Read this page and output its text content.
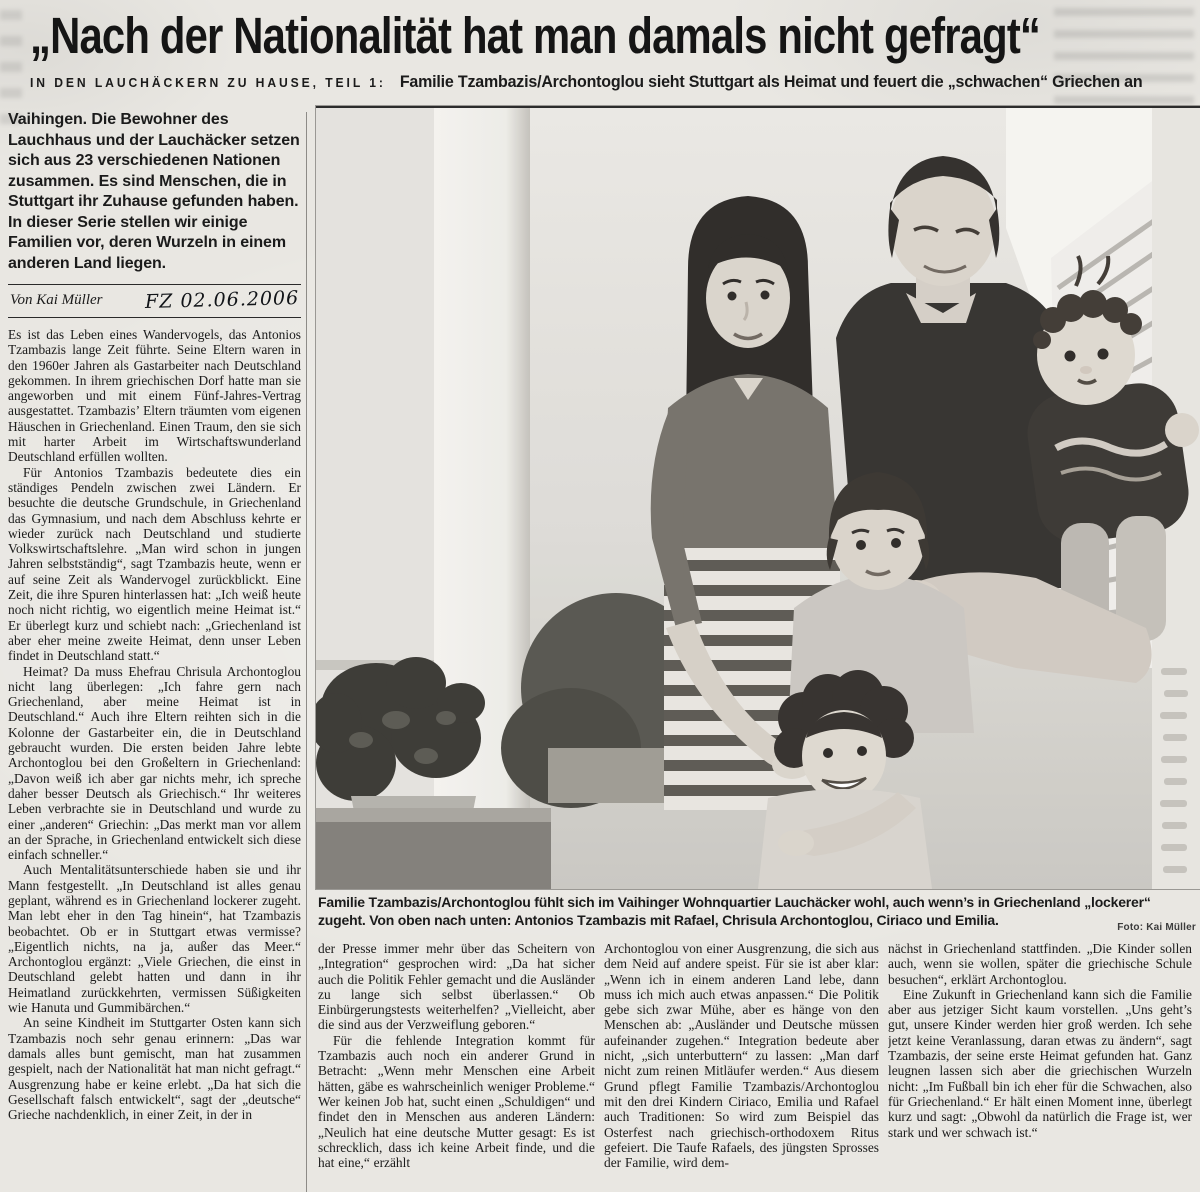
„Nach der Nationalität hat man damals nicht gefragt“
IN DEN LAUCHÄCKERN ZU HAUSE, TEIL 1: Familie Tzambazis/Archontoglou sieht Stuttgart als Heimat und feuert die „schwachen“ Griechen an

Vaihingen. Die Bewohner des Lauchhaus und der Lauchäcker setzen sich aus 23 verschiedenen Nationen zusammen. Es sind Menschen, die in Stuttgart ihr Zuhause gefunden haben. In dieser Serie stellen wir einige Familien vor, deren Wurzeln in einem anderen Land liegen.

Von Kai Müller FZ 02.06.2006

Es ist das Leben eines Wandervogels, das Antonios Tzambazis lange Zeit führte. Seine Eltern waren in den 1960er Jahren als Gastarbeiter nach Deutschland gekommen. In ihrem griechischen Dorf hatte man sie angeworben und mit einem Fünf-Jahres-Vertrag ausgestattet. Tzambazis’ Eltern träumten vom eigenen Häuschen in Griechenland. Einen Traum, den sie sich mit harter Arbeit im Wirtschaftswunderland Deutschland erfüllen wollten.

Für Antonios Tzambazis bedeutete dies ein ständiges Pendeln zwischen zwei Ländern. Er besuchte die deutsche Grundschule, in Griechenland das Gymnasium, und nach dem Abschluss kehrte er wieder zurück nach Deutschland und studierte Volkswirtschaftslehre. „Man wird schon in jungen Jahren selbstständig“, sagt Tzambazis heute, wenn er auf seine Zeit als Wandervogel zurückblickt. Eine Zeit, die ihre Spuren hinterlassen hat: „Ich weiß heute noch nicht richtig, wo eigentlich meine Heimat ist.“ Er überlegt kurz und schiebt nach: „Griechenland ist aber eher meine zweite Heimat, denn unser Leben findet in Deutschland statt.“

Heimat? Da muss Ehefrau Chrisula Archontoglou nicht lang überlegen: „Ich fahre gern nach Griechenland, aber meine Heimat ist in Deutschland.“ Auch ihre Eltern reihten sich in die Kolonne der Gastarbeiter ein, die in Deutschland gebraucht wurden. Die ersten beiden Jahre lebte Archontoglou bei den Großeltern in Griechenland: „Davon weiß ich aber gar nichts mehr, ich spreche daher besser Deutsch als Griechisch.“ Ihr weiteres Leben verbrachte sie in Deutschland und wurde zu einer „anderen“ Griechin: „Das merkt man vor allem an der Sprache, in Griechenland entwickelt sich diese einfach schneller.“

Auch Mentalitätsunterschiede haben sie und ihr Mann festgestellt. „In Deutschland ist alles genau geplant, während es in Griechenland lockerer zugeht. Man lebt eher in den Tag hinein“, hat Tzambazis beobachtet. Ob er in Stuttgart etwas vermisse? „Eigentlich nichts, na ja, außer das Meer.“ Archontoglou ergänzt: „Viele Griechen, die einst in Deutschland gelebt hatten und dann in ihr Heimatland zurückkehrten, vermissen Süßigkeiten wie Hanuta und Gummibärchen.“

An seine Kindheit im Stuttgarter Osten kann sich Tzambazis noch sehr genau erinnern: „Das war damals alles bunt gemischt, man hat zusammen gespielt, nach der Nationalität hat man nicht gefragt.“ Ausgrenzung habe er keine erlebt. „Da hat sich die Gesellschaft falsch entwickelt“, sagt der „deutsche“ Grieche nachdenklich, in einer Zeit, in der in

Familie Tzambazis/Archontoglou fühlt sich im Vaihinger Wohnquartier Lauchäcker wohl, auch wenn’s in Griechenland „lockerer“ zugeht. Von oben nach unten: Antonios Tzambazis mit Rafael, Chrisula Archontoglou, Ciriaco und Emilia.	Foto: Kai Müller

der Presse immer mehr über das Scheitern von „Integration“ gesprochen wird: „Da hat sicher auch die Politik Fehler gemacht und die Ausländer zu lange sich selbst überlassen.“ Ob Einbürgerungstests weiterhelfen? „Vielleicht, aber die sind aus der Verzweiflung geboren.“

Für die fehlende Integration kommt für Tzambazis auch noch ein anderer Grund in Betracht: „Wenn mehr Menschen eine Arbeit hätten, gäbe es wahrscheinlich weniger Probleme.“ Wer keinen Job hat, sucht einen „Schuldigen“ und findet den in Menschen aus anderen Ländern: „Neulich hat eine deutsche Mutter gesagt: Es ist schrecklich, dass ich keine Arbeit finde, und die hat eine,“ erzählt

Archontoglou von einer Ausgrenzung, die sich aus dem Neid auf andere speist. Für sie ist aber klar: „Wenn ich in einem anderen Land lebe, dann muss ich mich auch etwas anpassen.“ Die Politik gebe sich zwar Mühe, aber es hänge von den Menschen ab: „Ausländer und Deutsche müssen aufeinander zugehen.“ Integration bedeute aber nicht, „sich unterbuttern“ zu lassen: „Man darf nicht zum reinen Mitläufer werden.“ Aus diesem Grund pflegt Familie Tzambazis/Archontoglou mit den drei Kindern Ciriaco, Emilia und Rafael auch Traditionen: So wird zum Beispiel das Osterfest nach griechisch-orthodoxem Ritus gefeiert. Die Taufe Rafaels, des jüngsten Sprosses der Familie, wird dem-

nächst in Griechenland stattfinden. „Die Kinder sollen auch, wenn sie wollen, später die griechische Schule besuchen“, erklärt Archontoglou.

Eine Zukunft in Griechenland kann sich die Familie aber aus jetziger Sicht kaum vorstellen. „Uns geht’s gut, unsere Kinder werden hier groß werden. Ich sehe jetzt keine Veranlassung, daran etwas zu ändern“, sagt Tzambazis, der seine erste Heimat gefunden hat. Ganz leugnen lassen sich aber die griechischen Wurzeln nicht: „Im Fußball bin ich eher für die Schwachen, also für Griechenland.“ Er hält einen Moment inne, überlegt kurz und sagt: „Obwohl da natürlich die Frage ist, wer stark und wer schwach ist.“
